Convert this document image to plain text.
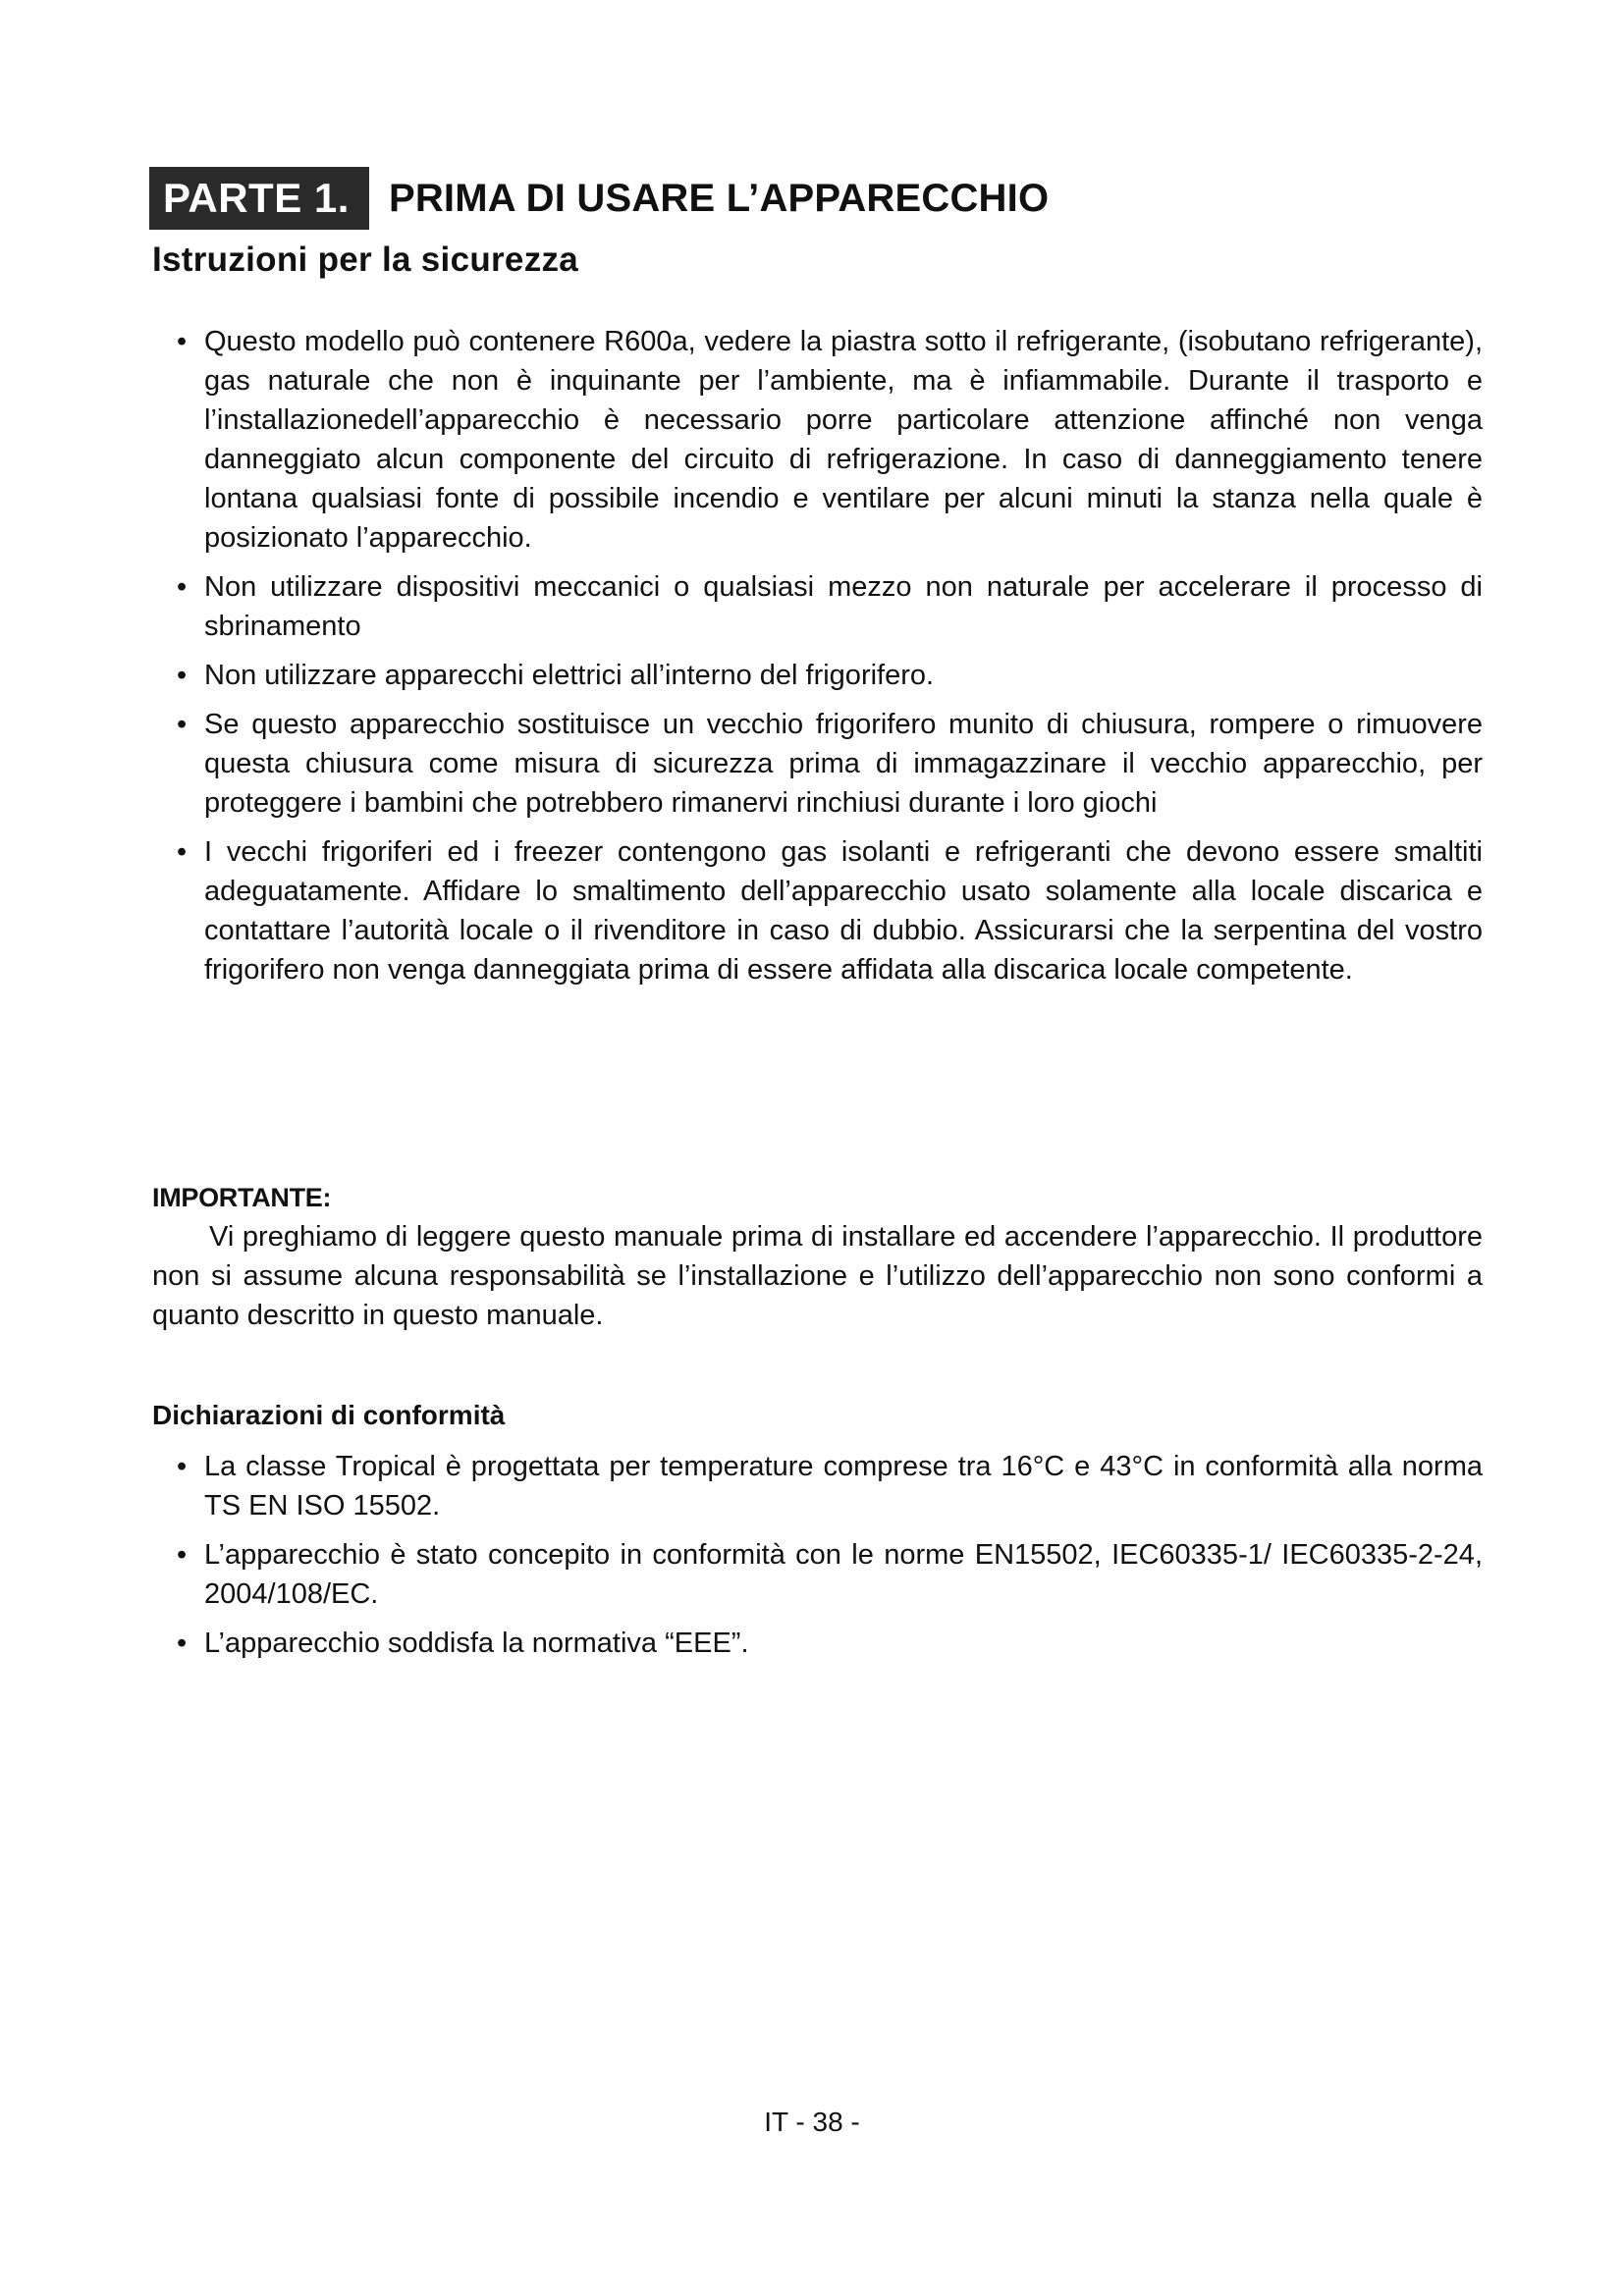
PARTE 1.	PRIMA DI USARE L’APPARECCHIO
Istruzioni per la sicurezza
• Questo modello può contenere R600a, vedere la piastra sotto il refrigerante, (isobutano refrigerante), gas naturale che non è inquinante per l’ambiente, ma è infiammabile. Durante il trasporto e l’installazionedell’apparecchio è necessario porre particolare attenzione affinché non venga danneggiato alcun componente del circuito di refrigerazione. In caso di danneggiamento tenere lontana qualsiasi fonte di possibile incendio e ventilare per alcuni minuti la stanza nella quale è posizionato l’apparecchio.
• Non utilizzare dispositivi meccanici o qualsiasi mezzo non naturale per accelerare il processo di sbrinamento
• Non utilizzare apparecchi elettrici all’interno del frigorifero.
• Se questo apparecchio sostituisce un vecchio frigorifero munito di chiusura, rompere o rimuovere questa chiusura come misura di sicurezza prima di immagazzinare il vecchio apparecchio, per proteggere i bambini che potrebbero rimanervi rinchiusi durante i loro giochi
• I vecchi frigoriferi ed i freezer contengono gas isolanti e refrigeranti che devono essere smaltiti adeguatamente. Affidare lo smaltimento dell’apparecchio usato solamente alla locale discarica e contattare l’autorità locale o il rivenditore in caso di dubbio. Assicurarsi che la serpentina del vostro frigorifero non venga danneggiata prima di essere affidata alla discarica locale competente.

IMPORTANTE:

Vi preghiamo di leggere questo manuale prima di installare ed accendere l’apparecchio. Il produttore non si assume alcuna responsabilità se l’installazione e l’utilizzo dell’apparecchio non sono conformi a quanto descritto in questo manuale.

Dichiarazioni di conformità
• La classe Tropical è progettata per temperature comprese tra 16°C e 43°C in conformità alla norma TS EN ISO 15502.
• L’apparecchio è stato concepito in conformità con le norme EN15502, IEC60335-1/ IEC60335-2-24, 2004/108/EC.
• L’apparecchio soddisfa la normativa “EEE”.
IT - 38 -
